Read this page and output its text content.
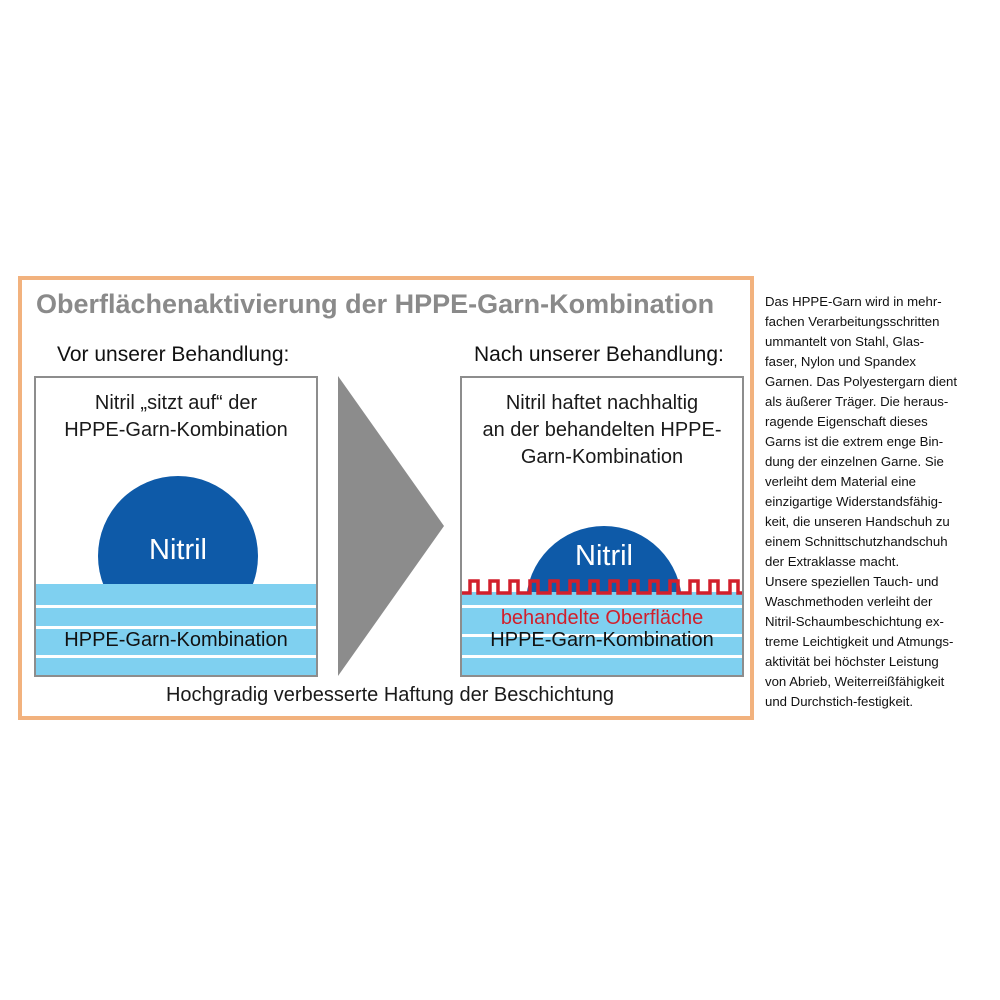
Oberflächenaktivierung der HPPE-Garn-Kombination
Vor unserer Behandlung:
Nitril „sitzt auf“ der
HPPE-Garn-Kombination
Nitril
HPPE-Garn-Kombination
Nach unserer Behandlung:
Nitril haftet nachhaltig
an der behandelten HPPE-
Garn-Kombination
Nitril
behandelte Oberfläche
HPPE-Garn-Kombination
Hochgradig verbesserte Haftung der Beschichtung

Das HPPE-Garn wird in mehr-

fachen Verarbeitungsschritten

ummantelt von Stahl, Glas-

faser, Nylon und Spandex

Garnen. Das Polyestergarn dient

als äußerer Träger. Die heraus-

ragende Eigenschaft dieses

Garns ist die extrem enge Bin-

dung der einzelnen Garne. Sie

verleiht dem Material eine

einzigartige Widerstandsfähig-

keit, die unseren Handschuh zu

einem Schnittschutzhandschuh

der Extraklasse macht.

Unsere speziellen Tauch- und

Waschmethoden verleiht der

Nitril-Schaumbeschichtung ex-

treme Leichtigkeit und Atmungs-

aktivität bei höchster Leistung

von Abrieb, Weiterreißfähigkeit

und Durchstich-festigkeit.
